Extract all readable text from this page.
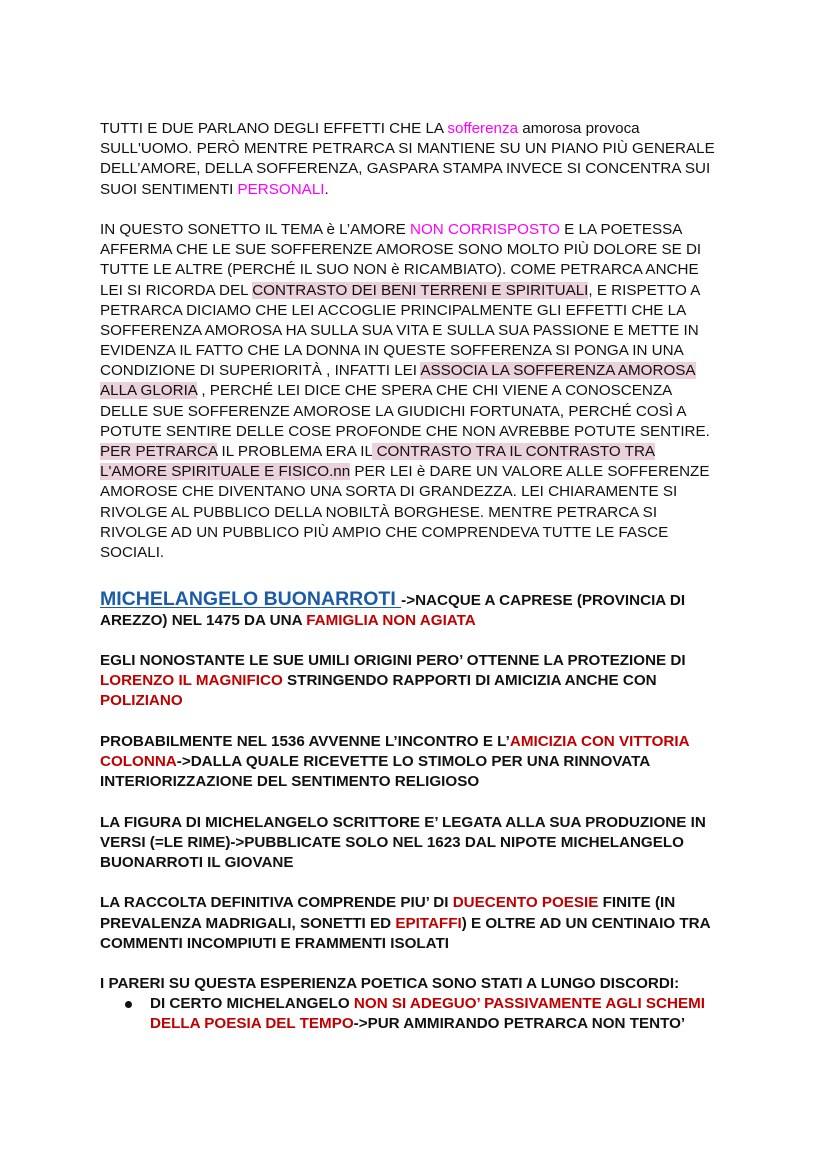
TUTTI E DUE PARLANO DEGLI EFFETTI CHE LA sofferenza amorosa provoca
SULL'UOMO. PERÒ MENTRE PETRARCA SI MANTIENE SU UN PIANO PIÙ GENERALE
DELL’AMORE, DELLA SOFFERENZA, GASPARA STAMPA INVECE SI CONCENTRA SUI
SUOI SENTIMENTI PERSONALI.
IN QUESTO SONETTO IL TEMA è L’AMORE NON CORRISPOSTO E LA POETESSA
AFFERMA CHE LE SUE SOFFERENZE AMOROSE SONO MOLTO PIÙ DOLORE SE DI
TUTTE LE ALTRE (PERCHÉ IL SUO NON è RICAMBIATO). COME PETRARCA ANCHE
LEI SI RICORDA DEL CONTRASTO DEI BENI TERRENI E SPIRITUALI, E RISPETTO A
PETRARCA DICIAMO CHE LEI ACCOGLIE PRINCIPALMENTE GLI EFFETTI CHE LA
SOFFERENZA AMOROSA HA SULLA SUA VITA E SULLA SUA PASSIONE E METTE IN
EVIDENZA IL FATTO CHE LA DONNA IN QUESTE SOFFERENZA SI PONGA IN UNA
CONDIZIONE DI SUPERIORITÀ , INFATTI LEI ASSOCIA LA SOFFERENZA AMOROSA
ALLA GLORIA , PERCHÉ LEI DICE CHE SPERA CHE CHI VIENE A CONOSCENZA
DELLE SUE SOFFERENZE AMOROSE LA GIUDICHI FORTUNATA, PERCHÉ COSÌ A
POTUTE SENTIRE DELLE COSE PROFONDE CHE NON AVREBBE POTUTE SENTIRE.
PER PETRARCA IL PROBLEMA ERA IL CONTRASTO TRA IL CONTRASTO TRA
L'AMORE SPIRITUALE E FISICO.nn PER LEI è DARE UN VALORE ALLE SOFFERENZE
AMOROSE CHE DIVENTANO UNA SORTA DI GRANDEZZA. LEI CHIARAMENTE SI
RIVOLGE AL PUBBLICO DELLA NOBILTÀ BORGHESE. MENTRE PETRARCA SI
RIVOLGE AD UN PUBBLICO PIÙ AMPIO CHE COMPRENDEVA TUTTE LE FASCE
SOCIALI.
MICHELANGELO BUONARROTI ->NACQUE A CAPRESE (PROVINCIA DI
AREZZO) NEL 1475 DA UNA FAMIGLIA NON AGIATA
EGLI NONOSTANTE LE SUE UMILI ORIGINI PERO’ OTTENNE LA PROTEZIONE DI
LORENZO IL MAGNIFICO STRINGENDO RAPPORTI DI AMICIZIA ANCHE CON
POLIZIANO
PROBABILMENTE NEL 1536 AVVENNE L’INCONTRO E L’AMICIZIA CON VITTORIA
COLONNA->DALLA QUALE RICEVETTE LO STIMOLO PER UNA RINNOVATA
INTERIORIZZAZIONE DEL SENTIMENTO RELIGIOSO
LA FIGURA DI MICHELANGELO SCRITTORE E’ LEGATA ALLA SUA PRODUZIONE IN
VERSI (=LE RIME)->PUBBLICATE SOLO NEL 1623 DAL NIPOTE MICHELANGELO
BUONARROTI IL GIOVANE
LA RACCOLTA DEFINITIVA COMPRENDE PIU’ DI DUECENTO POESIE FINITE (IN
PREVALENZA MADRIGALI, SONETTI ED EPITAFFI) E OLTRE AD UN CENTINAIO TRA
COMMENTI INCOMPIUTI E FRAMMENTI ISOLATI
I PARERI SU QUESTA ESPERIENZA POETICA SONO STATI A LUNGO DISCORDI:
DI CERTO MICHELANGELO NON SI ADEGUO’ PASSIVAMENTE AGLI SCHEMI
DELLA POESIA DEL TEMPO->PUR AMMIRANDO PETRARCA NON TENTO’
